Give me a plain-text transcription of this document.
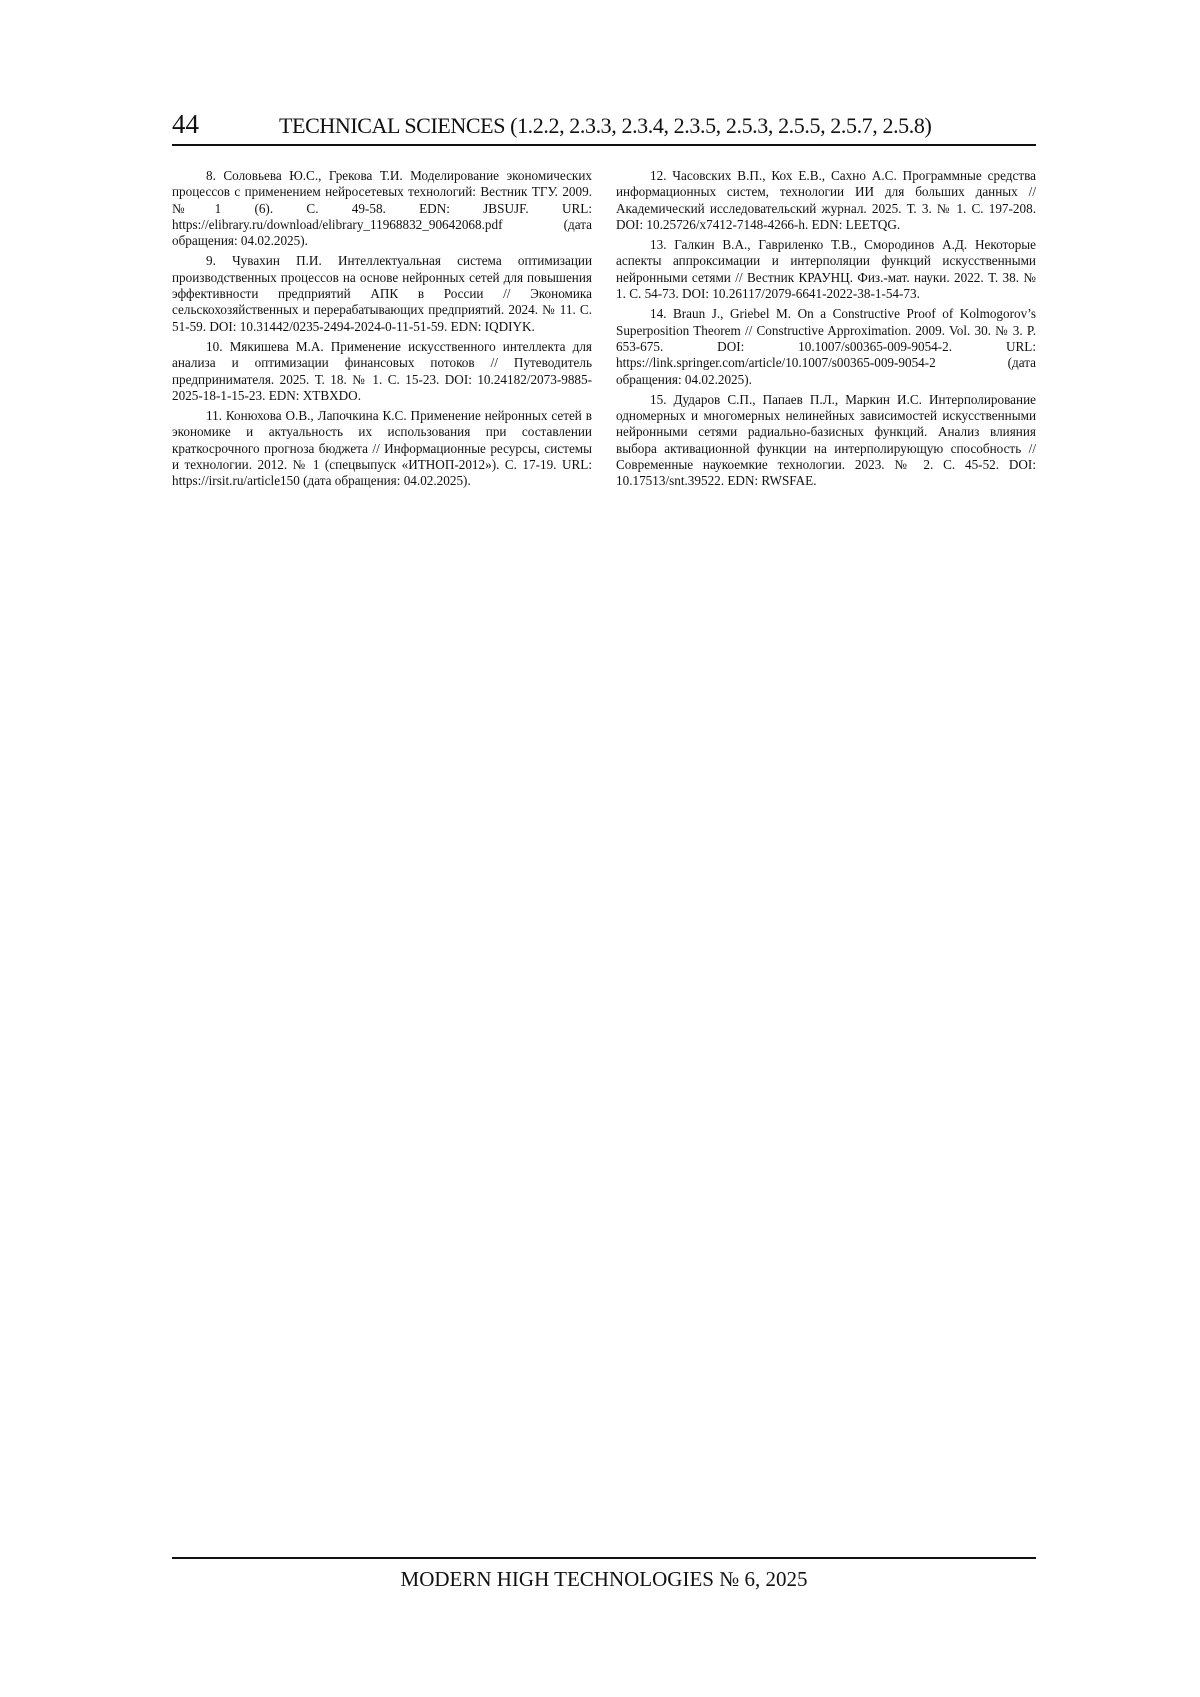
44	TECHNICAL SCIENCES (1.2.2, 2.3.3, 2.3.4, 2.3.5, 2.5.3, 2.5.5, 2.5.7, 2.5.8)

8. Соловьева Ю.С., Грекова Т.И. Моделирование экономических процессов с применением нейросетевых технологий: Вестник ТГУ. 2009. №1 (6). С. 49-58. EDN: JBSUJF. URL: https://elibrary.ru/download/elibrary_11968832_90642068.pdf (дата обращения: 04.02.2025).

9. Чувахин П.И. Интеллектуальная система оптимизации производственных процессов на основе нейронных сетей для повышения эффективности предприятий АПК в России // Экономика сельскохозяйственных и перерабатывающих предприятий. 2024. № 11. С. 51-59. DOI: 10.31442/0235-2494-2024-0-11-51-59. EDN: IQDIYK.

10. Мякишева М.А. Применение искусственного интеллекта для анализа и оптимизации финансовых потоков // Путеводитель предпринимателя. 2025. Т. 18. № 1. С. 15-23. DOI: 10.24182/2073-9885-2025-18-1-15-23. EDN: XTBXDO.

11. Конюхова О.В., Лапочкина К.С. Применение нейронных сетей в экономике и актуальность их использования при составлении краткосрочного прогноза бюджета // Информационные ресурсы, системы и технологии. 2012. № 1 (спецвыпуск «ИТНОП-2012»). С. 17-19. URL: https://irsit.ru/article150 (дата обращения: 04.02.2025).

12. Часовских В.П., Кох Е.В., Сахно А.С. Программные средства информационных систем, технологии ИИ для больших данных // Академический исследовательский журнал. 2025. Т. 3. № 1. С. 197-208. DOI: 10.25726/x7412-7148-4266-h. EDN: LEETQG.

13. Галкин В.А., Гавриленко Т.В., Смородинов А.Д. Некоторые аспекты аппроксимации и интерполяции функций искусственными нейронными сетями // Вестник КРАУНЦ. Физ.-мат. науки. 2022. Т. 38. № 1. С. 54-73. DOI: 10.26117/2079-6641-2022-38-1-54-73.

14. Braun J., Griebel M. On a Constructive Proof of Kolmogorov’s Superposition Theorem // Constructive Approximation. 2009. Vol. 30. № 3. P. 653-675. DOI: 10.1007/s00365-009-9054-2. URL: https://link.springer.com/article/10.1007/s00365-009-9054-2 (дата обращения: 04.02.2025).

15. Дударов С.П., Папаев П.Л., Маркин И.С. Интерполирование одномерных и многомерных нелинейных зависимостей искусственными нейронными сетями радиально-базисных функций. Анализ влияния выбора активационной функции на интерполирующую способность // Современные наукоемкие технологии. 2023. № 2. С. 45-52. DOI: 10.17513/snt.39522. EDN: RWSFAE.

MODERN HIGH TECHNOLOGIES № 6, 2025
